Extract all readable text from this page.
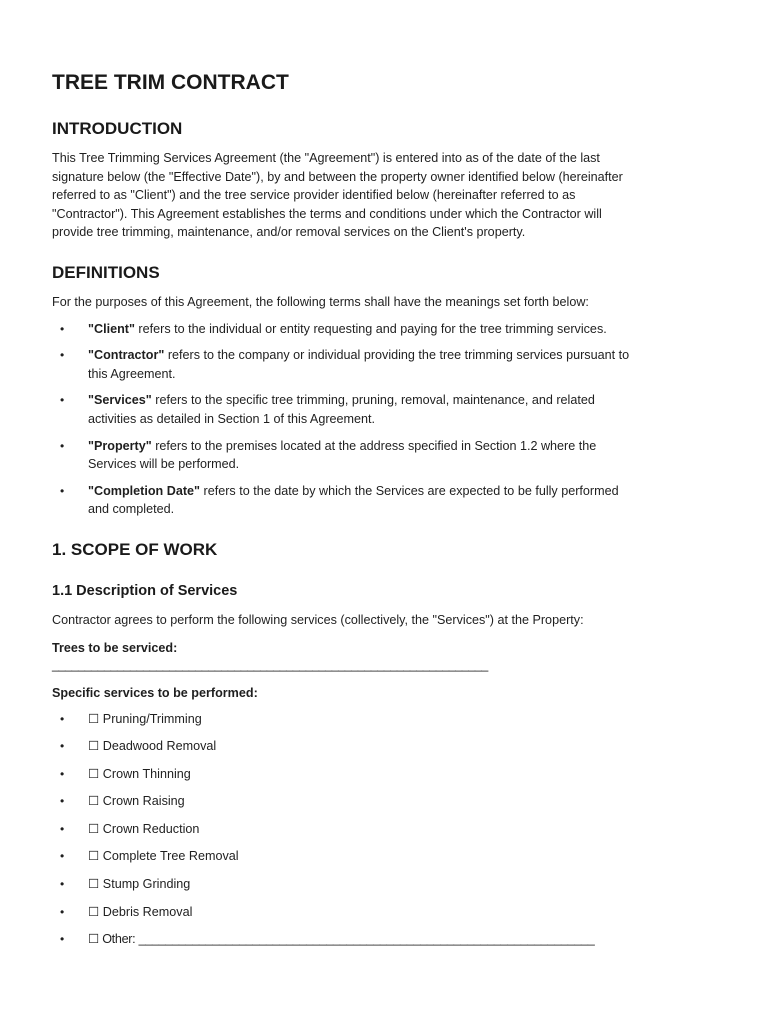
TREE TRIM CONTRACT
INTRODUCTION

This Tree Trimming Services Agreement (the "Agreement") is entered into as of the date of the last

signature below (the "Effective Date"), by and between the property owner identified below (hereinafter

referred to as "Client") and the tree service provider identified below (hereinafter referred to as

"Contractor"). This Agreement establishes the terms and conditions under which the Contractor will

provide tree trimming, maintenance, and/or removal services on the Client's property.

DEFINITIONS

For the purposes of this Agreement, the following terms shall have the meanings set forth below:

• "Client" refers to the individual or entity requesting and paying for the tree trimming services.
• "Contractor" refers to the company or individual providing the tree trimming services pursuant to
this Agreement.
• "Services" refers to the specific tree trimming, pruning, removal, maintenance, and related
activities as detailed in Section 1 of this Agreement.
• "Property" refers to the premises located at the address specified in Section 1.2 where the
Services will be performed.
• "Completion Date" refers to the date by which the Services are expected to be fully performed
and completed.
1. SCOPE OF WORK
1.1 Description of Services

Contractor agrees to perform the following services (collectively, the "Services") at the Property:

Trees to be serviced:

___________________________________________________________________

Specific services to be performed:

• ☐ Pruning/Trimming
• ☐ Deadwood Removal
• ☐ Crown Thinning
• ☐ Crown Raising
• ☐ Crown Reduction
• ☐ Complete Tree Removal
• ☐ Stump Grinding
• ☐ Debris Removal
• ☐ Other: ____________________________________________________________________
